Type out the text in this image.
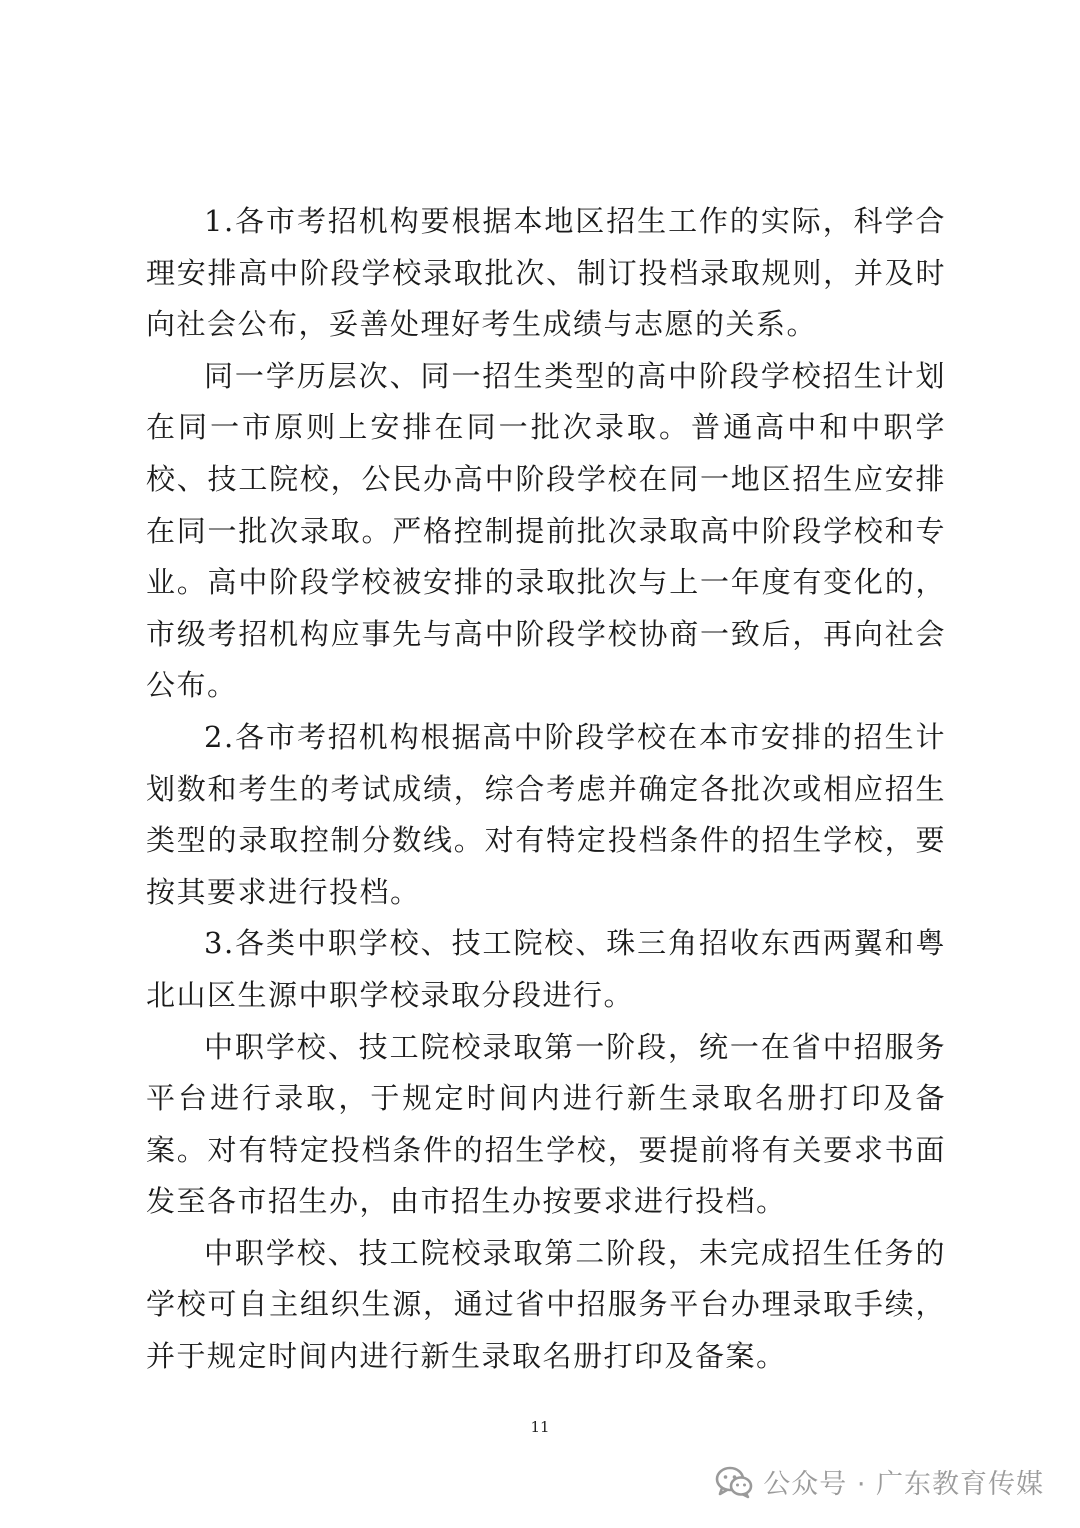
1.各市考招机构要根据本地区招生工作的实际，科学合理安排高中阶段学校录取批次、制订投档录取规则，并及时向社会公布，妥善处理好考生成绩与志愿的关系。

同一学历层次、同一招生类型的高中阶段学校招生计划在同一市原则上安排在同一批次录取。普通高中和中职学校、技工院校，公民办高中阶段学校在同一地区招生应安排在同一批次录取。严格控制提前批次录取高中阶段学校和专业。高中阶段学校被安排的录取批次与上一年度有变化的，市级考招机构应事先与高中阶段学校协商一致后，再向社会公布。

2.各市考招机构根据高中阶段学校在本市安排的招生计划数和考生的考试成绩，综合考虑并确定各批次或相应招生类型的录取控制分数线。对有特定投档条件的招生学校，要按其要求进行投档。

3.各类中职学校、技工院校、珠三角招收东西两翼和粤北山区生源中职学校录取分段进行。

中职学校、技工院校录取第一阶段，统一在省中招服务平台进行录取，于规定时间内进行新生录取名册打印及备案。对有特定投档条件的招生学校，要提前将有关要求书面发至各市招生办，由市招生办按要求进行投档。

中职学校、技工院校录取第二阶段，未完成招生任务的学校可自主组织生源，通过省中招服务平台办理录取手续，并于规定时间内进行新生录取名册打印及备案。

11
公众号 · 广东教育传媒
